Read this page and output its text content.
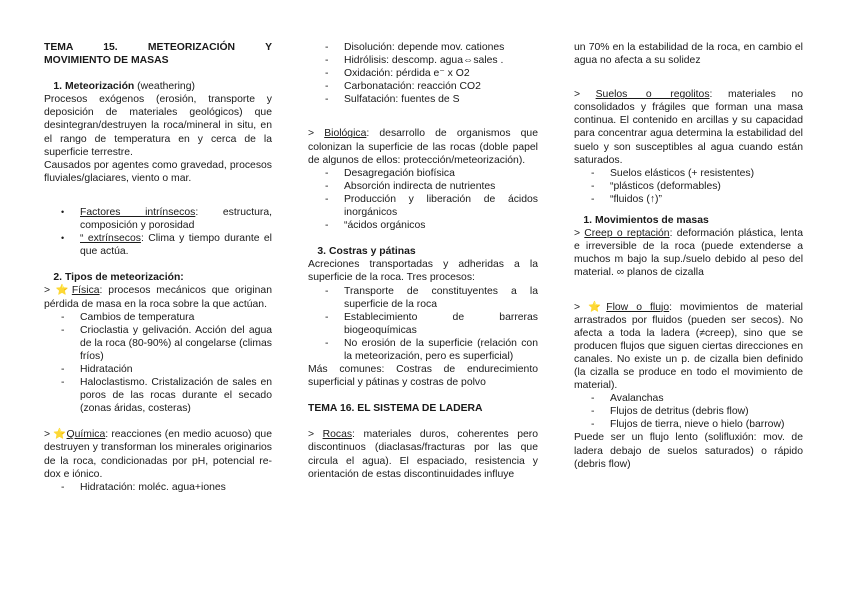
TEMA 15. METEORIZACIÓN Y

MOVIMIENTO DE MASAS

1. Meteorización (weathering)

Procesos exógenos (erosión, transporte y deposición de materiales geológicos) que desintegran/destruyen la roca/mineral in situ, en el rango de temperatura en y cerca de la superficie terrestre.

Causados por agentes como gravedad, procesos fluviales/glaciares, viento o mar.

• Factores intrínsecos: estructura, composición y porosidad
• “ extrínsecos: Clima y tiempo durante el que actúa.

2. Tipos de meteorización:

> ⭐Física: procesos mecánicos que originan pérdida de masa en la roca sobre la que actúan.

- Cambios de temperatura
- Crioclastia y gelivación. Acción del agua de la roca (80-90%) al congelarse (climas fríos)
- Hidratación
- Haloclastismo. Cristalización de sales en poros de las rocas durante el secado (zonas áridas, costeras)

> ⭐Química: reacciones (en medio acuoso) que destruyen y transforman los minerales originarios de la roca, condicionadas por pH, potencial re-dox e iónico.

- Hidratación: moléc. agua+iones
- Disolución: depende mov. cationes
- Hidrólisis: descomp. agua⇔sales .
- Oxidación: pérdida e⁻ x O2
- Carbonatación: reacción CO2
- Sulfatación: fuentes de S

> Biológica: desarrollo de organismos que colonizan la superficie de las rocas (doble papel de algunos de ellos: protección/meteorización).

- Desagregación biofísica
- Absorción indirecta de nutrientes
- Producción y liberación de ácidos inorgánicos
- “ácidos orgánicos

3. Costras y pátinas

Acreciones transportadas y adheridas a la superficie de la roca. Tres procesos:

- Transporte de constituyentes a la superficie de la roca
- Establecimiento de barreras biogeoquímicas
- No erosión de la superficie (relación con la meteorización, pero es superficial)

Más comunes: Costras de endurecimiento superficial y pátinas y costras de polvo

TEMA 16. EL SISTEMA DE LADERA

> Rocas: materiales duros, coherentes pero discontinuos (diaclasas/fracturas por las que circula el agua). El espaciado, resistencia y orientación de estas discontinuidades influye

un 70% en la estabilidad de la roca, en cambio el agua no afecta a su solidez

> Suelos o regolitos: materiales no consolidados y frágiles que forman una masa continua. El contenido en arcillas y su capacidad para concentrar agua determina la estabilidad del suelo y son susceptibles al agua cuando están saturados.

- Suelos elásticos (+ resistentes)
- “plásticos (deformables)
- “fluidos (↑)”

1. Movimientos de masas

> Creep o reptación: deformación plástica, lenta e irreversible de la roca (puede extenderse a muchos m bajo la sup./suelo debido al peso del material. ∞ planos de cizalla

> ⭐Flow o flujo: movimientos de material arrastrados por fluidos (pueden ser secos). No afecta a toda la ladera (≠creep), sino que se producen flujos que siguen ciertas direcciones en canales. No existe un p. de cizalla bien definido (la cizalla se produce en todo el movimiento de material).

- Avalanchas
- Flujos de detritus (debris flow)
- Flujos de tierra, nieve o hielo (barrow)

Puede ser un flujo lento (solifluxión: mov. de ladera debajo de suelos saturados) o rápido (debris flow)
